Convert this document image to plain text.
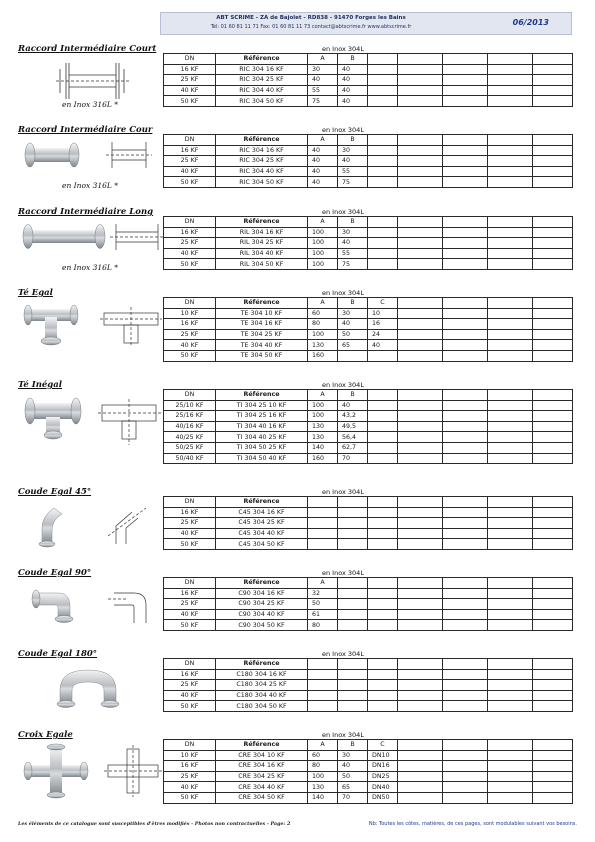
ABT SCRIME - ZA de Bajolet - RD838 - 91470 Forges les Bains
Tél: 01 60 81 11 71 Fax: 01 60 81 11 73 contact@abtscrime.fr www.abtscrime.fr	06/2013
Raccord Intermédiaire Court	en Inox 304L
en Inox 316L *
DN	Référence	A	B					
16 KF	RIC 304 16 KF	30	40					
25 KF	RIC 304 25 KF	40	40					
40 KF	RIC 304 40 KF	55	40					
50 KF	RIC 304 50 KF	75	40					
Raccord Intermédiaire Cour	en Inox 304L
en Inox 316L *
DN	Référence	A	B					
16 KF	RIC 304 16 KF	40	30					
25 KF	RIC 304 25 KF	40	40					
40 KF	RIC 304 40 KF	40	55					
50 KF	RIC 304 50 KF	40	75					
Raccord Intermédiaire Long	en Inox 304L
en Inox 316L *
DN	Référence	A	B					
16 KF	RIL 304 16 KF	100	30					
25 KF	RIL 304 25 KF	100	40					
40 KF	RIL 304 40 KF	100	55					
50 KF	RIL 304 50 KF	100	75					
Té Egal	en Inox 304L
DN	Référence	A	B	C				
10 KF	TE 304 10 KF	60	30	10				
16 KF	TE 304 16 KF	80	40	16				
25 KF	TE 304 25 KF	100	50	24				
40 KF	TE 304 40 KF	130	65	40				
50 KF	TE 304 50 KF	160						
Té Inégal	en Inox 304L
DN	Référence	A	B					
25/10 KF	TI 304 25 10 KF	100	40					
25/16 KF	TI 304 25 16 KF	100	43,2					
40/16 KF	TI 304 40 16 KF	130	49,5					
40/25 KF	TI 304 40 25 KF	130	56,4					
50/25 KF	TI 304 50 25 KF	140	62,7					
50/40 KF	TI 304 50 40 KF	160	70					
Coude Egal 45°	en Inox 304L
DN	Référence							
16 KF	C45 304 16 KF							
25 KF	C45 304 25 KF							
40 KF	C45 304 40 KF							
50 KF	C45 304 50 KF							
Coude Egal 90°	en Inox 304L
DN	Référence	A						
16 KF	C90 304 16 KF	32						
25 KF	C90 304 25 KF	50						
40 KF	C90 304 40 KF	61						
50 KF	C90 304 50 KF	80						
Coude Egal 180°	en Inox 304L
DN	Référence							
16 KF	C180 304 16 KF							
25 KF	C180 304 25 KF							
40 KF	C180 304 40 KF							
50 KF	C180 304 50 KF							
Croix Egale	en Inox 304L
DN	Référence	A	B	C				
10 KF	CRE 304 10 KF	60	30	DN10				
16 KF	CRE 304 16 KF	80	40	DN16				
25 KF	CRE 304 25 KF	100	50	DN25				
40 KF	CRE 304 40 KF	130	65	DN40				
50 KF	CRE 304 50 KF	140	70	DN50				
Les éléments de ce catalogue sont susceptibles d'êtres modifiés - Photos non contractuelles - Page: 2	Nb: Toutes les côtes, matières, de ces pages, sont modulables suivant vos besoins.
